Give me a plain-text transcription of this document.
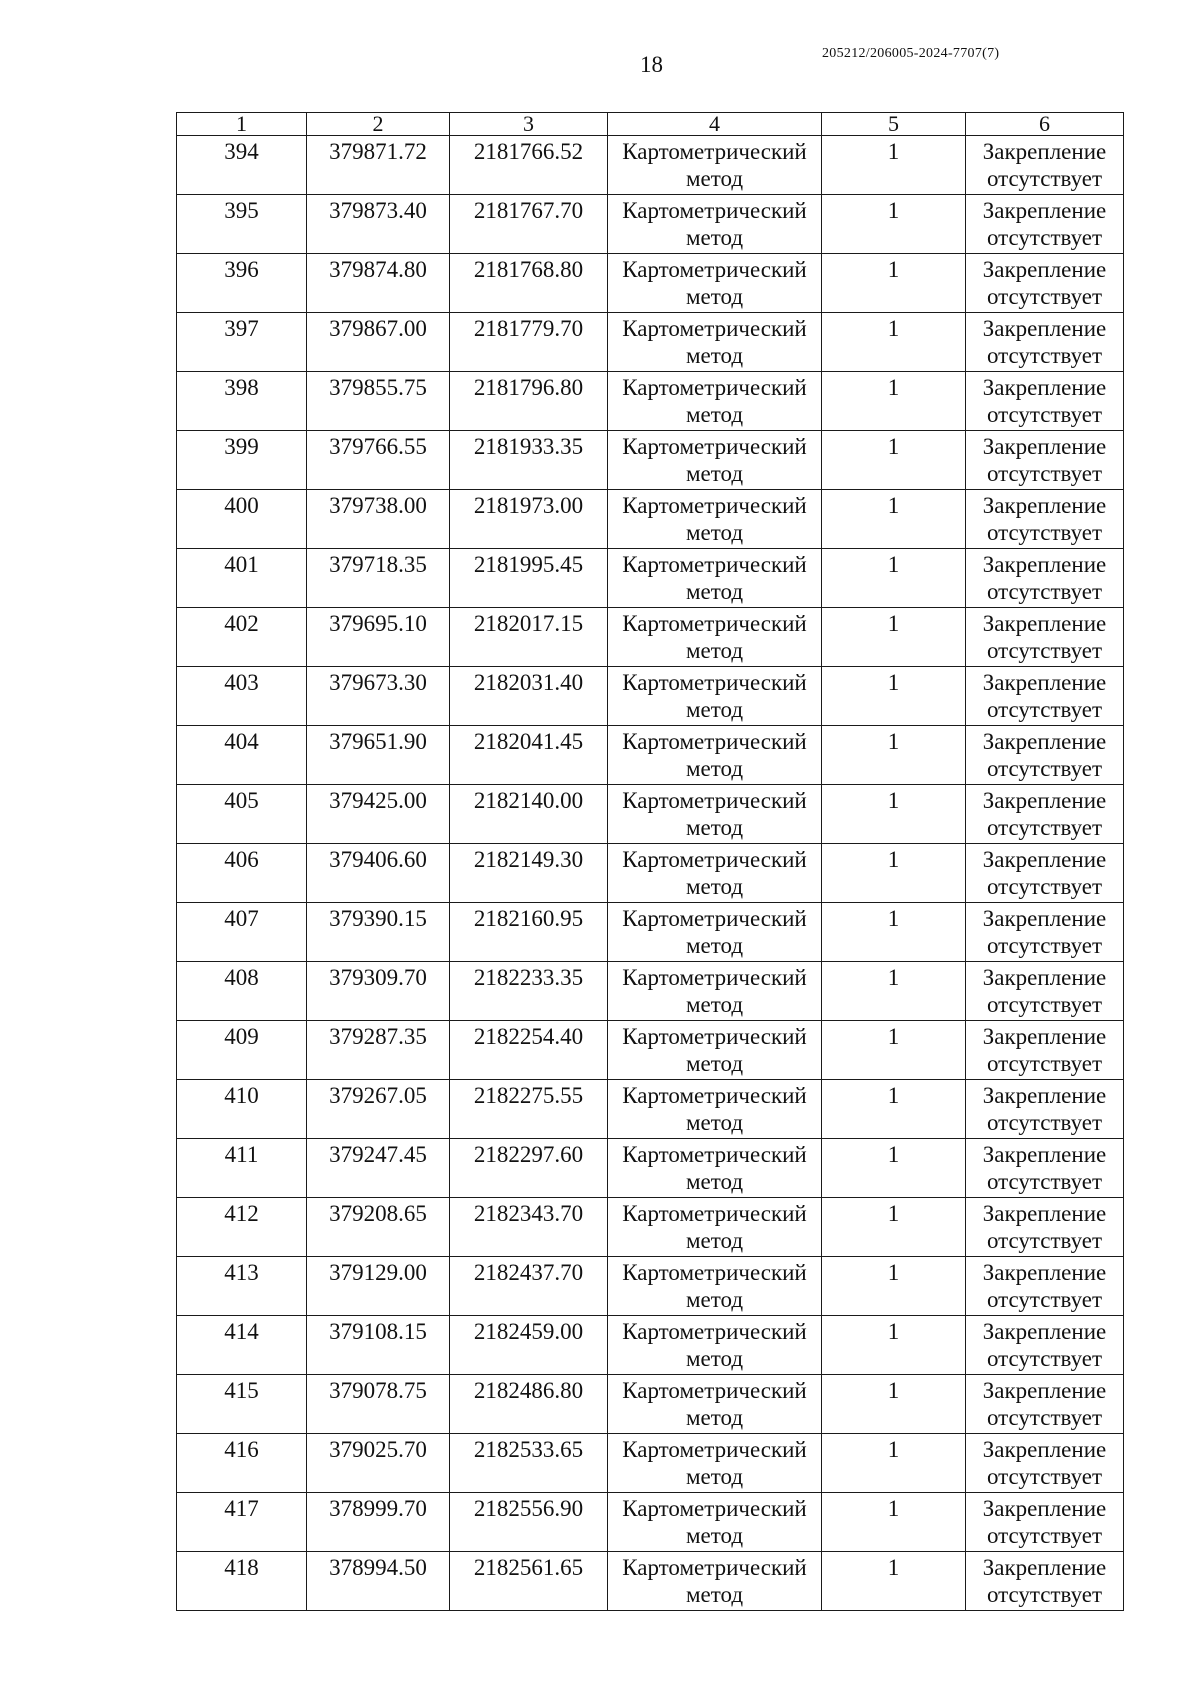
18	205212/206005-2024-7707(7)
1	2	3	4	5	6
394	379871.72	2181766.52	Картометрический
метод	1	Закрепление
отсутствует

395	379873.40	2181767.70	Картометрический
метод	1	Закрепление
отсутствует

396	379874.80	2181768.80	Картометрический
метод	1	Закрепление
отсутствует

397	379867.00	2181779.70	Картометрический
метод	1	Закрепление
отсутствует

398	379855.75	2181796.80	Картометрический
метод	1	Закрепление
отсутствует

399	379766.55	2181933.35	Картометрический
метод	1	Закрепление
отсутствует

400	379738.00	2181973.00	Картометрический
метод	1	Закрепление
отсутствует

401	379718.35	2181995.45	Картометрический
метод	1	Закрепление
отсутствует

402	379695.10	2182017.15	Картометрический
метод	1	Закрепление
отсутствует

403	379673.30	2182031.40	Картометрический
метод	1	Закрепление
отсутствует

404	379651.90	2182041.45	Картометрический
метод	1	Закрепление
отсутствует

405	379425.00	2182140.00	Картометрический
метод	1	Закрепление
отсутствует

406	379406.60	2182149.30	Картометрический
метод	1	Закрепление
отсутствует

407	379390.15	2182160.95	Картометрический
метод	1	Закрепление
отсутствует

408	379309.70	2182233.35	Картометрический
метод	1	Закрепление
отсутствует

409	379287.35	2182254.40	Картометрический
метод	1	Закрепление
отсутствует

410	379267.05	2182275.55	Картометрический
метод	1	Закрепление
отсутствует

411	379247.45	2182297.60	Картометрический
метод	1	Закрепление
отсутствует

412	379208.65	2182343.70	Картометрический
метод	1	Закрепление
отсутствует

413	379129.00	2182437.70	Картометрический
метод	1	Закрепление
отсутствует

414	379108.15	2182459.00	Картометрический
метод	1	Закрепление
отсутствует

415	379078.75	2182486.80	Картометрический
метод	1	Закрепление
отсутствует

416	379025.70	2182533.65	Картометрический
метод	1	Закрепление
отсутствует

417	378999.70	2182556.90	Картометрический
метод	1	Закрепление
отсутствует

418	378994.50	2182561.65	Картометрический
метод	1	Закрепление
отсутствует
